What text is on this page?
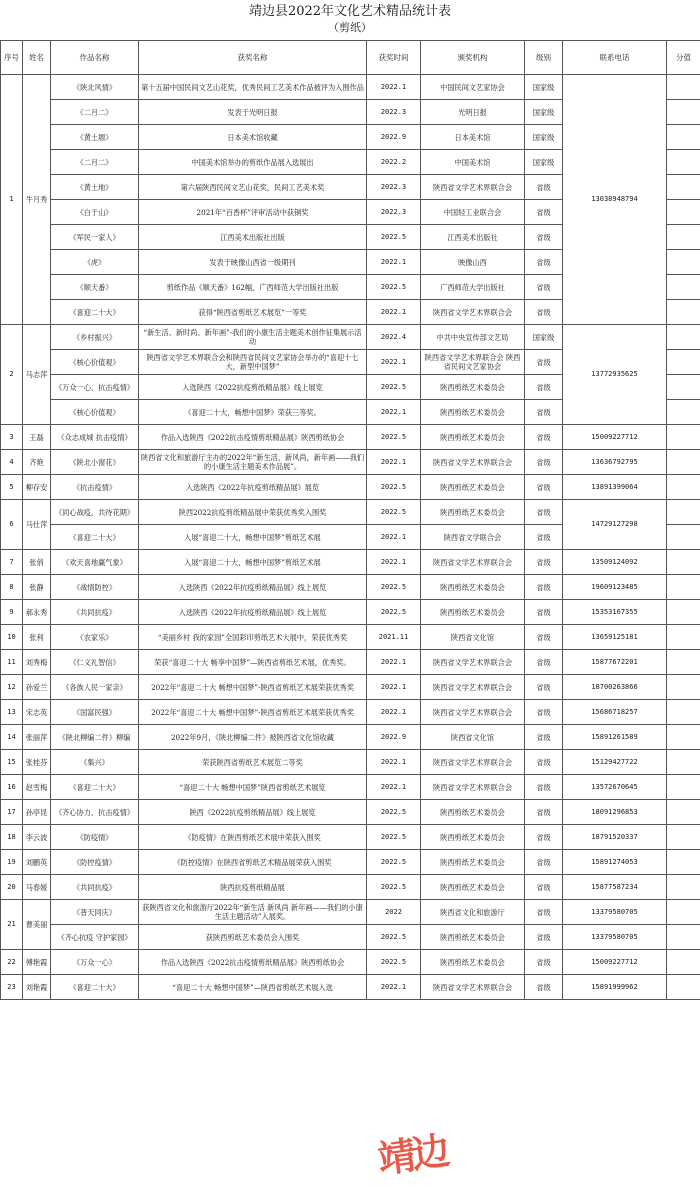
靖边县2022年文化艺术精品统计表
（剪纸）
序号	姓名	作品名称	获奖名称	获奖时间	颁奖机构	级别	联系电话	分值
1	牛月秀	《陕北风情》	第十五届中国民间文艺山花奖，优秀民间工艺美术作品被评为入围作品	2022.1	中国民间文艺家协会	国家级	13038948794	
		《二月二》	发表于光明日报	2022.3	光明日报	国家级		
		《黄土塬》	日本美术馆收藏	2022.9	日本美术馆	国家级		
		《二月二》	中国美术馆举办的剪纸作品展入选展出	2022.2	中国美术馆	国家级		
		《黄土地》	第六届陕西民间文艺山花奖，民间工艺美术奖	2022.3	陕西省文学艺术界联合会	省级		
		《白于山》	2021年“百香杯”评审活动中获铜奖	2022.3	中国轻工业联合会	省级		
		《军民一家人》	江西美术出版社出版	2022.5	江西美术出版社	省级		
		《虎》	发表于映像山西省一级期刊	2022.1	映像山西	省级		
		《顺天番》	剪纸作品《顺天番》162幅，广西师范大学出版社出版	2022.5	广西师范大学出版社	省级		
		《喜迎二十大》	获得“陕西省剪纸艺术展览”一等奖	2022.1	陕西省文学艺术界联合会	省级		
2	马志萍	《乡村振兴》	“新生活、新时尚、新年画”-我们的小康生活主题美术创作征集展示活动	2022.4	中共中央宣传部文艺局	国家级	13772935625	
		《核心价值观》	陕西省文学艺术界联合会和陕西省民间文艺家协会举办的“喜迎十七大，新型中国梦”	2022.1	陕西省文学艺术界联合会 陕西省民间文艺家协会	省级		
		《万众一心、抗击疫情》	入选陕西《2022抗疫剪纸精品展》线上展览	2022.5	陕西剪纸艺术委员会	省级		
		《核心价值观》	《喜迎二十大，畅想中国梦》荣获三等奖。	2022.1	陕西剪纸艺术委员会	省级		
3	王磊	《众志成城 抗击疫情》	作品入选陕西《2022抗击疫情剪纸精品展》陕西剪纸协会	2022.5	陕西剪纸艺术委员会	省级	15009227712	
4	齐艳	《陕北小窗花》	陕西省文化和旅游厅主办的2022年“新生活，新风尚，新年画——我们的小康生活主题美术作品展”。	2022.1	陕西省文学艺术界联合会	省级	13636792795	
5	柳存安	《抗击疫情》	入选陕西《2022年抗疫剪纸精品展》展览	2022.5	陕西剪纸艺术委员会	省级	13891399064	
6	马仕萍	《同心战疫，共待花期》	陕西2022抗疫剪纸精品展中荣获优秀奖入围奖	2022.5	陕西剪纸艺术委员会	省级	14729127298	
		《喜迎二十大》	入展“喜迎二十大，畅想中国梦”剪纸艺术展	2022.1	陕西省文学联合会	省级		
7	张俏	《欢天喜地赢气象》	入展“喜迎二十大，畅想中国梦”剪纸艺术展	2022.1	陕西省文学艺术界联合会	省级	13509124092	
8	张静	《战情防控》	入选陕西《2022年抗疫剪纸精品展》线上展览	2022.5	陕西剪纸艺术委员会	省级	19609123485	
9	郝永秀	《共同抗疫》	入选陕西《2022年抗疫剪纸精品展》线上展览	2022.5	陕西剪纸艺术委员会	省级	15353167355	
10	张利	《农家乐》	“美丽乡村 我的家园”全国彩印剪纸艺术大展中，荣获优秀奖	2021.11	陕西省文化馆	省级	13659125181	
11	刘秀梅	《仁义礼智信》	荣获“喜迎二十大 畅享中国梦”—陕西省剪纸艺术展，优秀奖。	2022.1	陕西省文学艺术界联合会	省级	15877672201	
12	孙爱兰	《各族人民一家亲》	2022年“喜迎二十大 畅想中国梦”-陕西省剪纸艺术展荣获优秀奖	2022.1	陕西省文学艺术界联合会	省级	18700263866	
13	宋志英	《国富民强》	2022年“喜迎二十大 畅想中国梦”-陕西省剪纸艺术展荣获优秀奖	2022.1	陕西省文学艺术界联合会	省级	15686718257	
14	张丽萍	《陕北柳编二件》柳编	2022年9月，《陕北柳编二件》被陕西省文化馆收藏	2022.9	陕西省文化馆	省级	15891261589	
15	张桂芬	《集兴》	荣获陕西省剪纸艺术展览二等奖	2022.1	陕西省文学艺术界联合会	省级	15129427722	
16	赵雪梅	《喜迎二十大》	“喜迎二十大 畅想中国梦”陕西省剪纸艺术展览	2022.1	陕西省文学艺术界联合会	省级	13572670645	
17	孙亭昆	《齐心协力、抗击疫情》	陕西《2022抗疫剪纸精品展》线上展览	2022.5	陕西剪纸艺术委员会	省级	18091296853	
18	李云波	《防疫情》	《防疫情》在陕西剪纸艺术展中荣获入围奖	2022.5	陕西剪纸艺术委员会	省级	18791520337	
19	刘鹏英	《防控疫情》	《防控疫情》在陕西省剪纸艺术精品展荣获入围奖	2022.5	陕西剪纸艺术委员会	省级	15891274053	
20	马春媛	《共同抗疫》	陕西抗疫剪纸精品展	2022.5	陕西剪纸艺术委员会	省级	15877587234	
21	曹美丽	《普天同庆》	获陕西省文化和旅游厅2022年“新生活 新风尚 新年画——我们的小康生活主题活动”入展奖。	2022	陕西省文化和旅游厅	省级	13379580705	
		《齐心抗疫 守护家园》	获陕西剪纸艺术委员会入围奖	2022.5	陕西剪纸艺术委员会	省级	13379580705	
22	傅艳霞	《万众一心》	作品入选陕西《2022抗击疫情剪纸精品展》陕西剪纸协会	2022.5	陕西剪纸艺术委员会	省级	15009227712	
23	刘艳霞	《喜迎二十大》	“喜迎二十大 畅想中国梦”—陕西省剪纸艺术展入选	2022.1	陕西省文学艺术界联合会	省级	15891999962	
靖边
